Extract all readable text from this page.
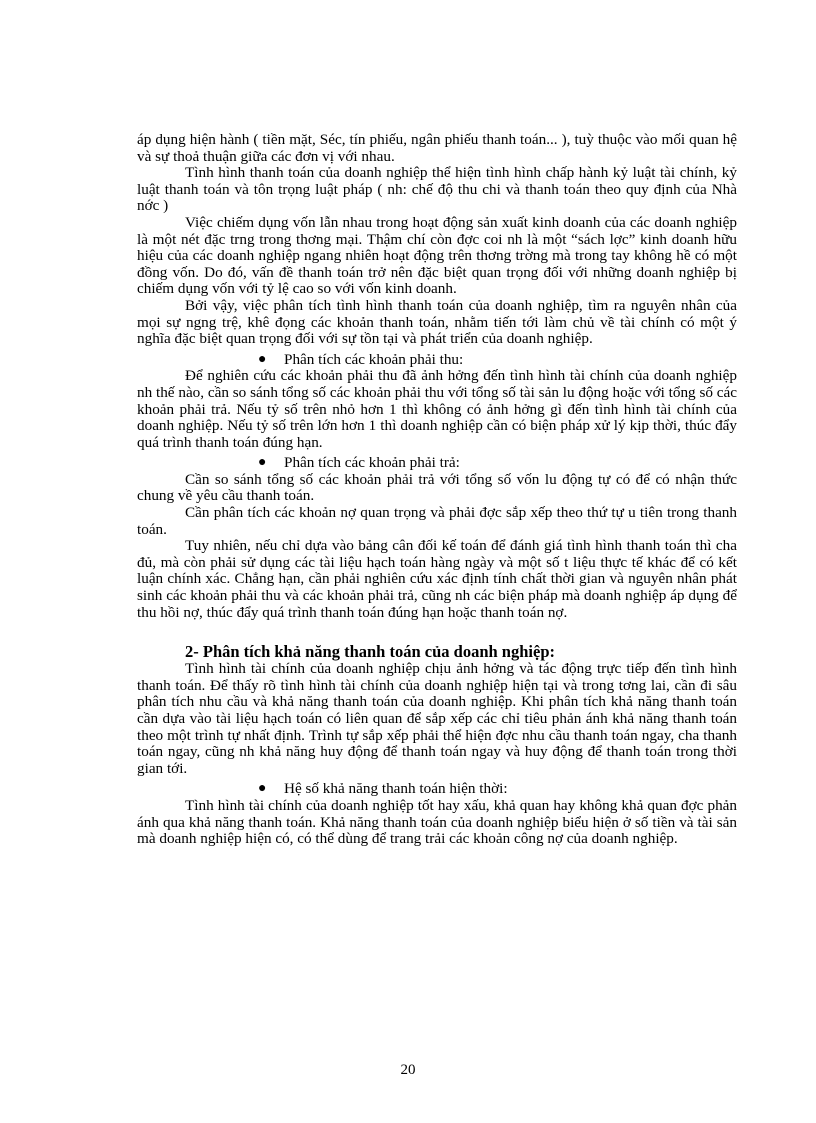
áp dụng hiện hành ( tiền mặt, Séc, tín phiếu, ngân phiếu thanh toán... ), tuỳ thuộc vào mối quan hệ và sự thoả thuận giữa các đơn vị với nhau.

Tình hình thanh toán của doanh nghiệp thể hiện tình hình chấp hành kỷ luật tài chính, kỷ luật thanh toán và tôn trọng luật pháp ( nh: chế độ thu chi và thanh toán theo quy định của Nhà nớc )

Việc chiếm dụng vốn lẫn nhau trong hoạt động sản xuất kinh doanh của các doanh nghiệp là một nét đặc trng trong thơng mại. Thậm chí còn đợc coi nh là một “sách lợc” kinh doanh hữu hiệu của các doanh nghiệp ngang nhiên hoạt động trên thơng trờng mà trong tay không hề có một đồng vốn. Do đó, vấn đề thanh toán trở nên đặc biệt quan trọng đối với những doanh nghiệp bị chiếm dụng vốn với tỷ lệ cao so với vốn kinh doanh.

Bởi vậy, việc phân tích tình hình thanh toán của doanh nghiệp, tìm ra nguyên nhân của mọi sự ngng trệ, khê đọng các khoản thanh toán, nhằm tiến tới làm chủ về tài chính có một ý nghĩa đặc biệt quan trọng đối với sự tồn tại và phát triển của doanh nghiệp.

● Phân tích các khoản phải thu:

Để nghiên cứu các khoản phải thu đã ảnh hởng đến tình hình tài chính của doanh nghiệp nh thế nào, cần so sánh tổng số các khoản phải thu với tổng số tài sản lu động hoặc với tổng số các khoản phải trả. Nếu tỷ số trên nhỏ hơn 1 thì không có ảnh hởng gì đến tình hình tài chính của doanh nghiệp. Nếu tỷ số trên lớn hơn 1 thì doanh nghiệp cần có biện pháp xử lý kịp thời, thúc đẩy quá trình thanh toán đúng hạn.

● Phân tích các khoản phải trả:

Cần so sánh tổng số các khoản phải trả với tổng số vốn lu động tự có để có nhận thức chung về yêu cầu thanh toán.

Cần phân tích các khoản nợ quan trọng và phải đợc sắp xếp theo thứ tự u tiên trong thanh toán.

Tuy nhiên, nếu chỉ dựa vào bảng cân đối kế toán để đánh giá tình hình thanh toán thì cha đủ, mà còn phải sử dụng các tài liệu hạch toán hàng ngày và một số t liệu thực tế khác để có kết luận chính xác. Chẳng hạn, cần phải nghiên cứu xác định tính chất thời gian và nguyên nhân phát sinh các khoản phải thu và các khoản phải trả, cũng nh các biện pháp mà doanh nghiệp áp dụng để thu hồi nợ, thúc đẩy quá trình thanh toán đúng hạn hoặc thanh toán nợ.

2- Phân tích khả năng thanh toán của doanh nghiệp:

Tình hình tài chính của doanh nghiệp chịu ảnh hởng và tác động trực tiếp đến tình hình thanh toán. Để thấy rõ tình hình tài chính của doanh nghiệp hiện tại và trong tơng lai, cần đi sâu phân tích nhu cầu và khả năng thanh toán của doanh nghiệp. Khi phân tích khả năng thanh toán cần dựa vào tài liệu hạch toán có liên quan để sắp xếp các chỉ tiêu phản ánh khả năng thanh toán theo một trình tự nhất định. Trình tự sắp xếp phải thể hiện đợc nhu cầu thanh toán ngay, cha thanh toán ngay, cũng nh khả năng huy động để thanh toán ngay và huy động để thanh toán trong thời gian tới.

● Hệ số khả năng thanh toán hiện thời:

Tình hình tài chính của doanh nghiệp tốt hay xấu, khả quan hay không khả quan đợc phản ánh qua khả năng thanh toán. Khả năng thanh toán của doanh nghiệp biểu hiện ở số tiền và tài sản mà doanh nghiệp hiện có, có thể dùng để trang trải các khoản công nợ của doanh nghiệp.

20
